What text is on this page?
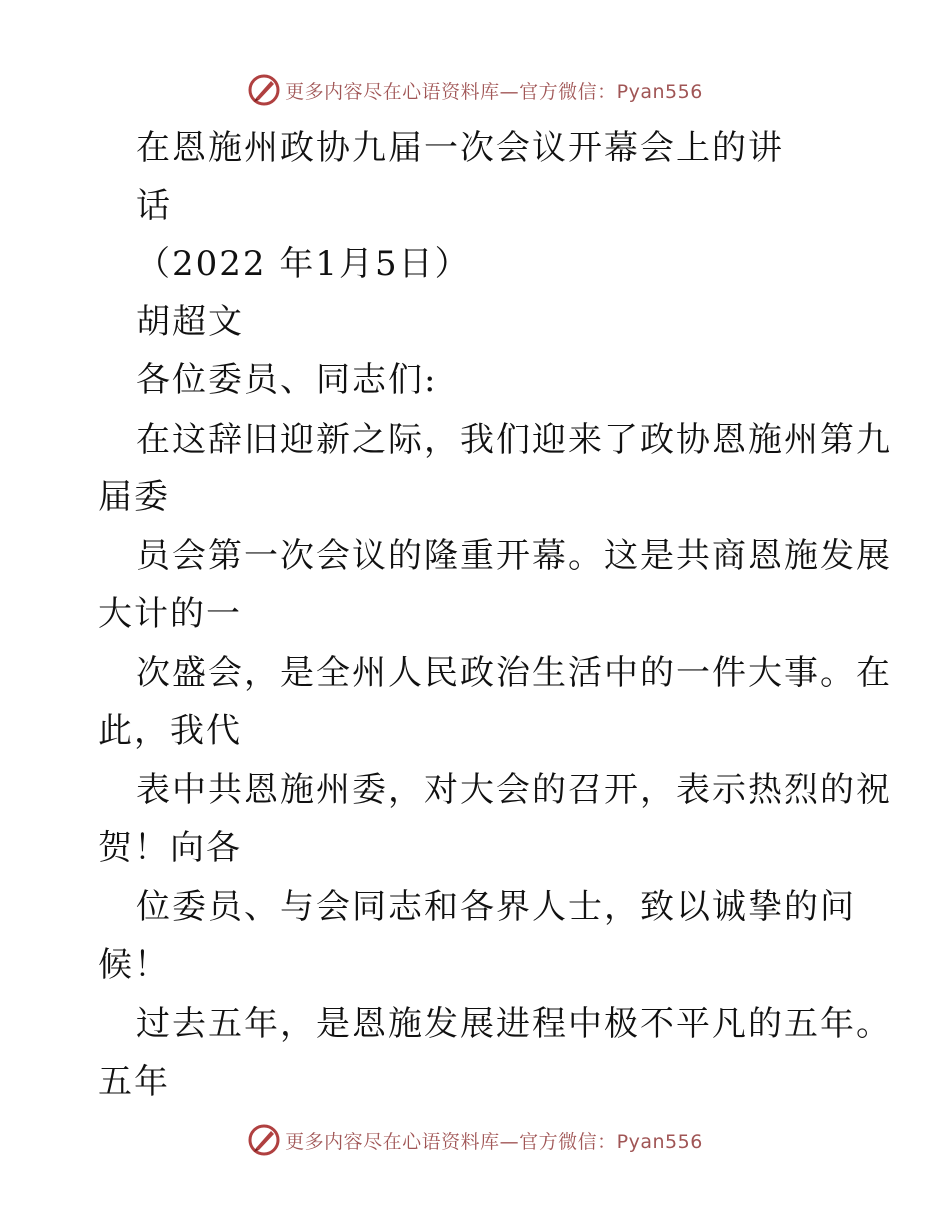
更多内容尽在心语资料库—官方微信：Pyan556
在恩施州政协九届一次会议开幕会上的讲
话
（2022 年1月5日）
胡超文
各位委员、同志们:
在这辞旧迎新之际，我们迎来了政协恩施州第九
届委
员会第一次会议的隆重开幕。这是共商恩施发展
大计的一
次盛会，是全州人民政治生活中的一件大事。在
此，我代
表中共恩施州委，对大会的召开，表示热烈的祝
贺！向各
位委员、与会同志和各界人士，致以诚挚的问
候！
过去五年，是恩施发展进程中极不平凡的五年。
五年
更多内容尽在心语资料库—官方微信：Pyan556
